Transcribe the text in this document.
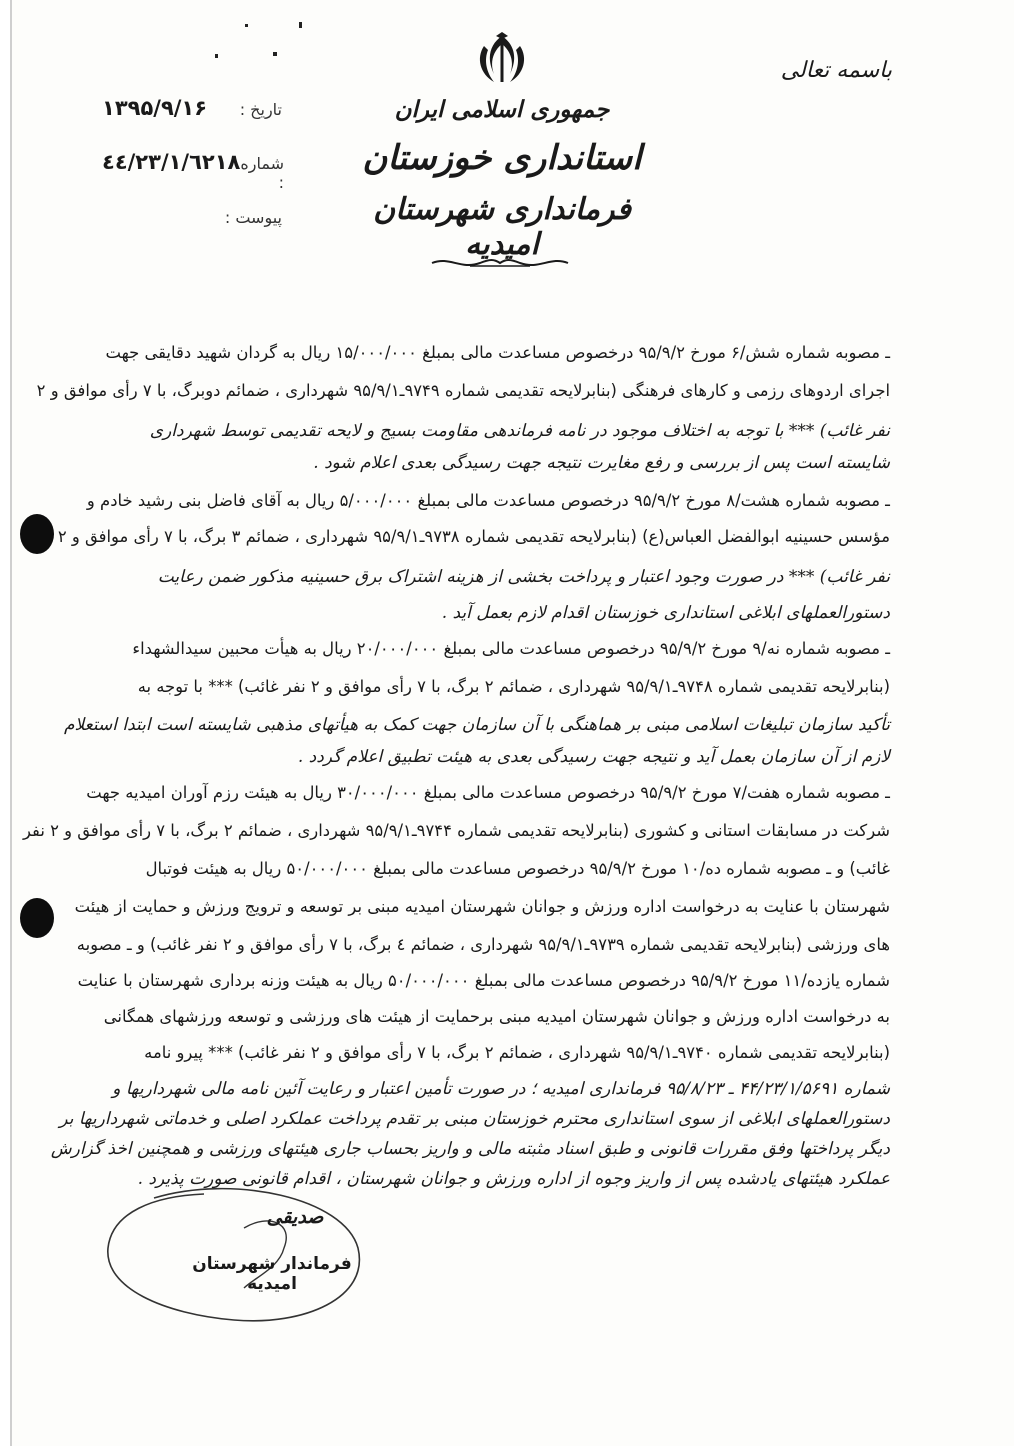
باسمه تعالی
جمهوری اسلامی ایران
استانداری خوزستان
فرمانداری شهرستان امیدیه
۱۳۹۵/۹/۱۶ تاریخ :
٤٤/٢٣/١/٦٢١٨ شماره :
پیوست :
ـ مصوبه شماره شش/۶ مورخ ۹۵/۹/۲ درخصوص مساعدت مالی بمبلغ ۱۵/۰۰۰/۰۰۰ ریال به گردان شهید دقایقی جهت
اجرای اردوهای رزمی و کارهای فرهنگی (بنابرلایحه تقدیمی شماره ۹۷۴۹ـ۹۵/۹/۱ شهرداری ، ضمائم دوبرگ، با ۷ رأی موافق و ۲
نفر غائب) *** با توجه به اختلاف موجود در نامه فرماندهی مقاومت بسیج و لایحه تقدیمی توسط شهرداری
شایسته است پس از بررسی و رفع مغایرت نتیجه جهت رسیدگی بعدی اعلام شود .
ـ مصوبه شماره هشت/۸ مورخ ۹۵/۹/۲ درخصوص مساعدت مالی بمبلغ ۵/۰۰۰/۰۰۰ ریال به آقای فاضل بنی رشید خادم و
مؤسس حسینیه ابوالفضل العباس(ع) (بنابرلایحه تقدیمی شماره ۹۷۳۸ـ۹۵/۹/۱ شهرداری ، ضمائم ۳ برگ، با ۷ رأی موافق و ۲
نفر غائب) *** در صورت وجود اعتبار و پرداخت بخشی از هزینه اشتراک برق حسینیه مذکور ضمن رعایت
دستورالعملهای ابلاغی استانداری خوزستان اقدام لازم بعمل آید .
ـ مصوبه شماره نه/۹ مورخ ۹۵/۹/۲ درخصوص مساعدت مالی بمبلغ ۲۰/۰۰۰/۰۰۰ ریال به هیأت محبین سیدالشهداء
(بنابرلایحه تقدیمی شماره ۹۷۴۸ـ۹۵/۹/۱ شهرداری ، ضمائم ۲ برگ، با ۷ رأی موافق و ۲ نفر غائب) *** با توجه به
تأکید سازمان تبلیغات اسلامی مبنی بر هماهنگی با آن سازمان جهت کمک به هیأتهای مذهبی شایسته است ابتدا استعلام
لازم از آن سازمان بعمل آید و نتیجه جهت رسیدگی بعدی به هیئت تطبیق اعلام گردد .
ـ مصوبه شماره هفت/۷ مورخ ۹۵/۹/۲ درخصوص مساعدت مالی بمبلغ ۳۰/۰۰۰/۰۰۰ ریال به هیئت رزم آوران امیدیه جهت
شرکت در مسابقات استانی و کشوری (بنابرلایحه تقدیمی شماره ۹۷۴۴ـ۹۵/۹/۱ شهرداری ، ضمائم ۲ برگ، با ۷ رأی موافق و ۲ نفر
غائب) و ـ مصوبه شماره ده/۱۰ مورخ ۹۵/۹/۲ درخصوص مساعدت مالی بمبلغ ۵۰/۰۰۰/۰۰۰ ریال به هیئت فوتبال
شهرستان با عنایت به درخواست اداره ورزش و جوانان شهرستان امیدیه مبنی بر توسعه و ترویج ورزش و حمایت از هیئت
های ورزشی (بنابرلایحه تقدیمی شماره ۹۷۳۹ـ۹۵/۹/۱ شهرداری ، ضمائم ٤ برگ، با ۷ رأی موافق و ۲ نفر غائب) و ـ مصوبه
شماره یازده/۱۱ مورخ ۹۵/۹/۲ درخصوص مساعدت مالی بمبلغ ۵۰/۰۰۰/۰۰۰ ریال به هیئت وزنه برداری شهرستان با عنایت
به درخواست اداره ورزش و جوانان شهرستان امیدیه مبنی برحمایت از هیئت های ورزشی و توسعه ورزشهای همگانی
(بنابرلایحه تقدیمی شماره ۹۷۴۰ـ۹۵/۹/۱ شهرداری ، ضمائم ۲ برگ، با ۷ رأی موافق و ۲ نفر غائب) *** پیرو نامه
شماره ۴۴/۲۳/۱/۵۶۹۱ ـ ۹۵/۸/۲۳ فرمانداری امیدیه ؛ در صورت تأمین اعتبار و رعایت آئین نامه مالی شهرداریها و
دستورالعملهای ابلاغی از سوی استانداری محترم خوزستان مبنی بر تقدم پرداخت عملکرد اصلی و خدماتی شهرداریها بر
دیگر پرداختها وفق مقررات قانونی و طبق اسناد مثبته مالی و واریز بحساب جاری هیئتهای ورزشی و همچنین اخذ گزارش
عملکرد هیئتهای یادشده پس از واریز وجوه از اداره ورزش و جوانان شهرستان ، اقدام قانونی صورت پذیرد .
صدیقی
فرماندار شهرستان امیدیه
